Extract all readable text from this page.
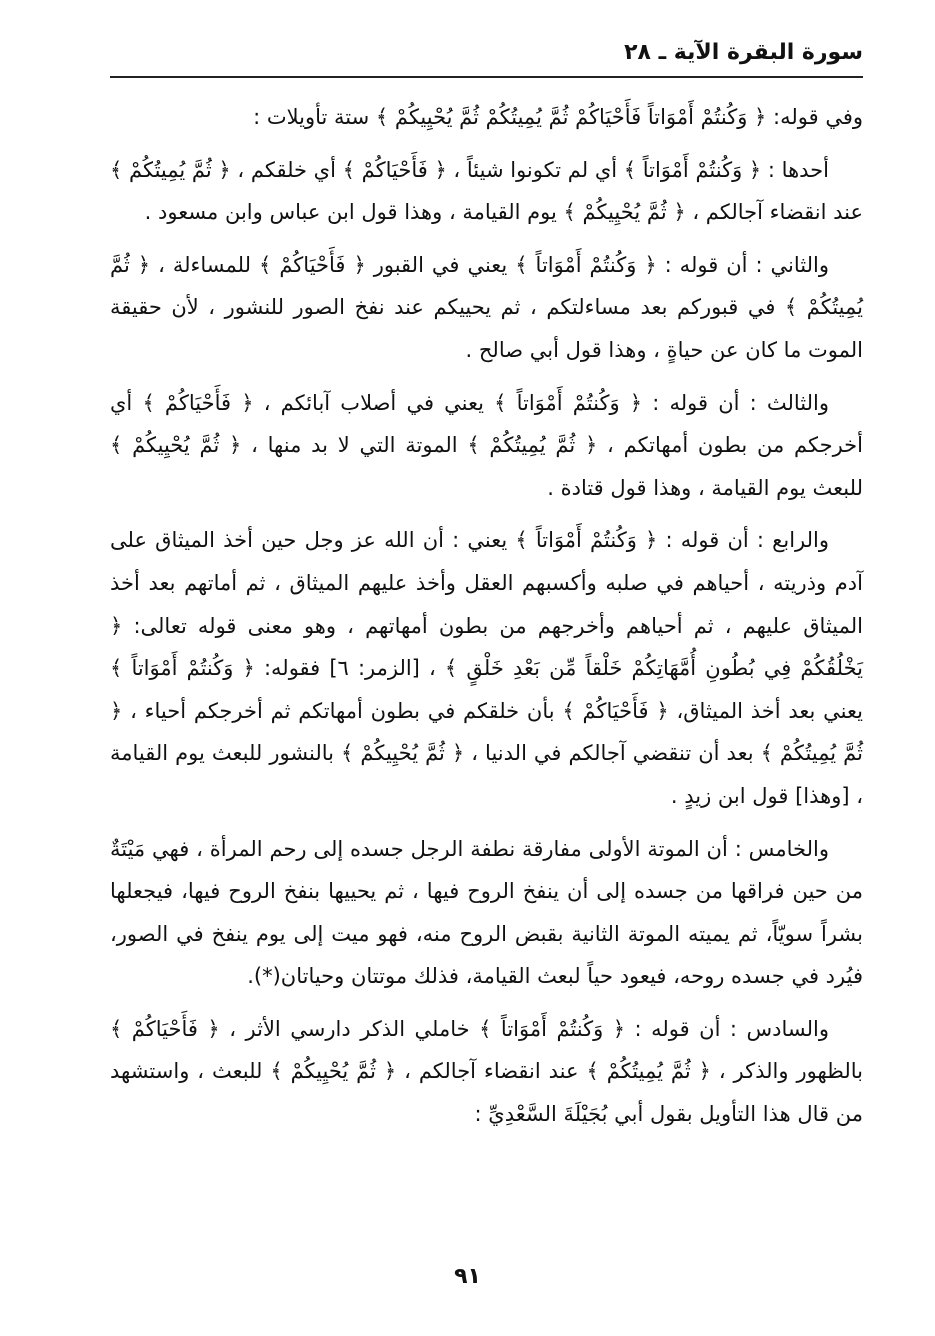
سورة البقرة الآية ـ ٢٨

وفي قوله: ﴿ وَكُنتُمْ أَمْوَاتاً فَأَحْيَاكُمْ ثُمَّ يُمِيتُكُمْ ثُمَّ يُحْيِيكُمْ ﴾ ستة تأويلات :

أحدها : ﴿ وَكُنتُمْ أَمْوَاتاً ﴾ أي لم تكونوا شيئاً ، ﴿ فَأَحْيَاكُمْ ﴾ أي خلقكم ، ﴿ ثُمَّ يُمِيتُكُمْ ﴾ عند انقضاء آجالكم ، ﴿ ثُمَّ يُحْيِيكُمْ ﴾ يوم القيامة ، وهذا قول ابن عباس وابن مسعود .

والثاني : أن قوله : ﴿ وَكُنتُمْ أَمْوَاتاً ﴾ يعني في القبور ﴿ فَأَحْيَاكُمْ ﴾ للمساءلة ، ﴿ ثُمَّ يُمِيتُكُمْ ﴾ في قبوركم بعد مساءلتكم ، ثم يحييكم عند نفخ الصور للنشور ، لأن حقيقة الموت ما كان عن حياةٍ ، وهذا قول أبي صالح .

والثالث : أن قوله : ﴿ وَكُنتُمْ أَمْوَاتاً ﴾ يعني في أصلاب آبائكم ، ﴿ فَأَحْيَاكُمْ ﴾ أي أخرجكم من بطون أمهاتكم ، ﴿ ثُمَّ يُمِيتُكُمْ ﴾ الموتة التي لا بد منها ، ﴿ ثُمَّ يُحْيِيكُمْ ﴾ للبعث يوم القيامة ، وهذا قول قتادة .

والرابع : أن قوله : ﴿ وَكُنتُمْ أَمْوَاتاً ﴾ يعني : أن الله عز وجل حين أخذ الميثاق على آدم وذريته ، أحياهم في صلبه وأكسبهم العقل وأخذ عليهم الميثاق ، ثم أماتهم بعد أخذ الميثاق عليهم ، ثم أحياهم وأخرجهم من بطون أمهاتهم ، وهو معنى قوله تعالى: ﴿ يَخْلُقُكُمْ فِي بُطُونِ أُمَّهَاتِكُمْ خَلْقاً مِّن بَعْدِ خَلْقٍ ﴾ ، [الزمر: ٦] فقوله: ﴿ وَكُنتُمْ أَمْوَاتاً ﴾ يعني بعد أخذ الميثاق، ﴿ فَأَحْيَاكُمْ ﴾ بأن خلقكم في بطون أمهاتكم ثم أخرجكم أحياء ، ﴿ ثُمَّ يُمِيتُكُمْ ﴾ بعد أن تنقضي آجالكم في الدنيا ، ﴿ ثُمَّ يُحْيِيكُمْ ﴾ بالنشور للبعث يوم القيامة ، [وهذا] قول ابن زيدٍ .

والخامس : أن الموتة الأولى مفارقة نطفة الرجل جسده إلى رحم المرأة ، فهي مَيْتَةٌ من حين فراقها من جسده إلى أن ينفخ الروح فيها ، ثم يحييها بنفخ الروح فيها، فيجعلها بشراً سويّاً، ثم يميته الموتة الثانية بقبض الروح منه، فهو ميت إلى يوم ينفخ في الصور، فيُرد في جسده روحه، فيعود حياً لبعث القيامة، فذلك موتتان وحياتان(*).

والسادس : أن قوله : ﴿ وَكُنتُمْ أَمْوَاتاً ﴾ خاملي الذكر دارسي الأثر ، ﴿ فَأَحْيَاكُمْ ﴾ بالظهور والذكر ، ﴿ ثُمَّ يُمِيتُكُمْ ﴾ عند انقضاء آجالكم ، ﴿ ثُمَّ يُحْيِيكُمْ ﴾ للبعث ، واستشهد من قال هذا التأويل بقول أبي بُجَيْلَةَ السَّعْدِيِّ :

٩١
